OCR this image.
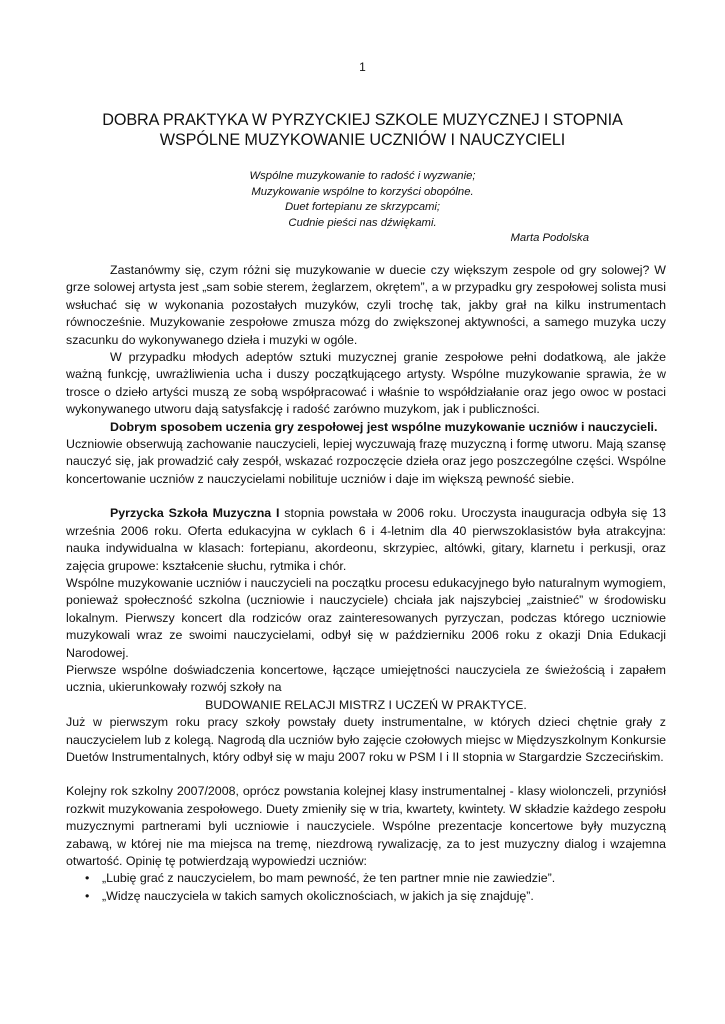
1
DOBRA PRAKTYKA W PYRZYCKIEJ SZKOLE MUZYCZNEJ I STOPNIA
WSPÓLNE MUZYKOWANIE UCZNIÓW I NAUCZYCIELI
Wspólne muzykowanie to radość i wyzwanie;
Muzykowanie wspólne to korzyści obopólne.
Duet fortepianu ze skrzypcami;
Cudnie pieści nas dźwiękami.
Marta Podolska

Zastanówmy się, czym różni się muzykowanie w duecie czy większym zespole od gry solowej? W grze solowej artysta jest „sam sobie sterem, żeglarzem, okrętem”, a w przypadku gry zespołowej solista musi wsłuchać się w wykonania pozostałych muzyków, czyli trochę tak, jakby grał na kilku instrumentach równocześnie. Muzykowanie zespołowe zmusza mózg do zwiększonej aktywności, a samego muzyka uczy szacunku do wykonywanego dzieła i muzyki w ogóle.

W przypadku młodych adeptów sztuki muzycznej granie zespołowe pełni dodatkową, ale jakże ważną funkcję, uwrażliwienia ucha i duszy początkującego artysty. Wspólne muzykowanie sprawia, że w trosce o dzieło artyści muszą ze sobą współpracować i właśnie to współdziałanie oraz jego owoc w postaci wykonywanego utworu dają satysfakcję i radość zarówno muzykom, jak i publiczności.

Dobrym sposobem uczenia gry zespołowej jest wspólne muzykowanie uczniów i nauczycieli.

Uczniowie obserwują zachowanie nauczycieli, lepiej wyczuwają frazę muzyczną i formę utworu. Mają szansę nauczyć się, jak prowadzić cały zespół, wskazać rozpoczęcie dzieła oraz jego poszczególne części. Wspólne koncertowanie uczniów z nauczycielami nobilituje uczniów i daje im większą pewność siebie.

Pyrzycka Szkoła Muzyczna I stopnia powstała w 2006 roku. Uroczysta inauguracja odbyła się 13 września 2006 roku. Oferta edukacyjna w cyklach 6 i 4-letnim dla 40 pierwszoklasistów była atrakcyjna: nauka indywidualna w klasach: fortepianu, akordeonu, skrzypiec, altówki, gitary, klarnetu i perkusji, oraz zajęcia grupowe: kształcenie słuchu, rytmika i chór.

Wspólne muzykowanie uczniów i nauczycieli na początku procesu edukacyjnego było naturalnym wymogiem, ponieważ społeczność szkolna (uczniowie i nauczyciele) chciała jak najszybciej „zaistnieć” w środowisku lokalnym. Pierwszy koncert dla rodziców oraz zainteresowanych pyrzyczan, podczas którego uczniowie muzykowali wraz ze swoimi nauczycielami, odbył się w październiku 2006 roku z okazji Dnia Edukacji Narodowej.

Pierwsze wspólne doświadczenia koncertowe, łączące umiejętności nauczyciela ze świeżością i zapałem ucznia, ukierunkowały rozwój szkoły na

BUDOWANIE RELACJI MISTRZ I UCZEŃ W PRAKTYCE.

Już w pierwszym roku pracy szkoły powstały duety instrumentalne, w których dzieci chętnie grały z nauczycielem lub z kolegą. Nagrodą dla uczniów było zajęcie czołowych miejsc w Międzyszkolnym Konkursie Duetów Instrumentalnych, który odbył się w maju 2007 roku w PSM I i II stopnia w Stargardzie Szczecińskim.

Kolejny rok szkolny 2007/2008, oprócz powstania kolejnej klasy instrumentalnej - klasy wiolonczeli, przyniósł rozkwit muzykowania zespołowego. Duety zmieniły się w tria, kwartety, kwintety. W składzie każdego zespołu muzycznymi partnerami byli uczniowie i nauczyciele. Wspólne prezentacje koncertowe były muzyczną zabawą, w której nie ma miejsca na tremę, niezdrową rywalizację, za to jest muzyczny dialog i wzajemna otwartość. Opinię tę potwierdzają wypowiedzi uczniów:

• „Lubię grać z nauczycielem, bo mam pewność, że ten partner mnie nie zawiedzie”.
• „Widzę nauczyciela w takich samych okolicznościach, w jakich ja się znajduję”.
